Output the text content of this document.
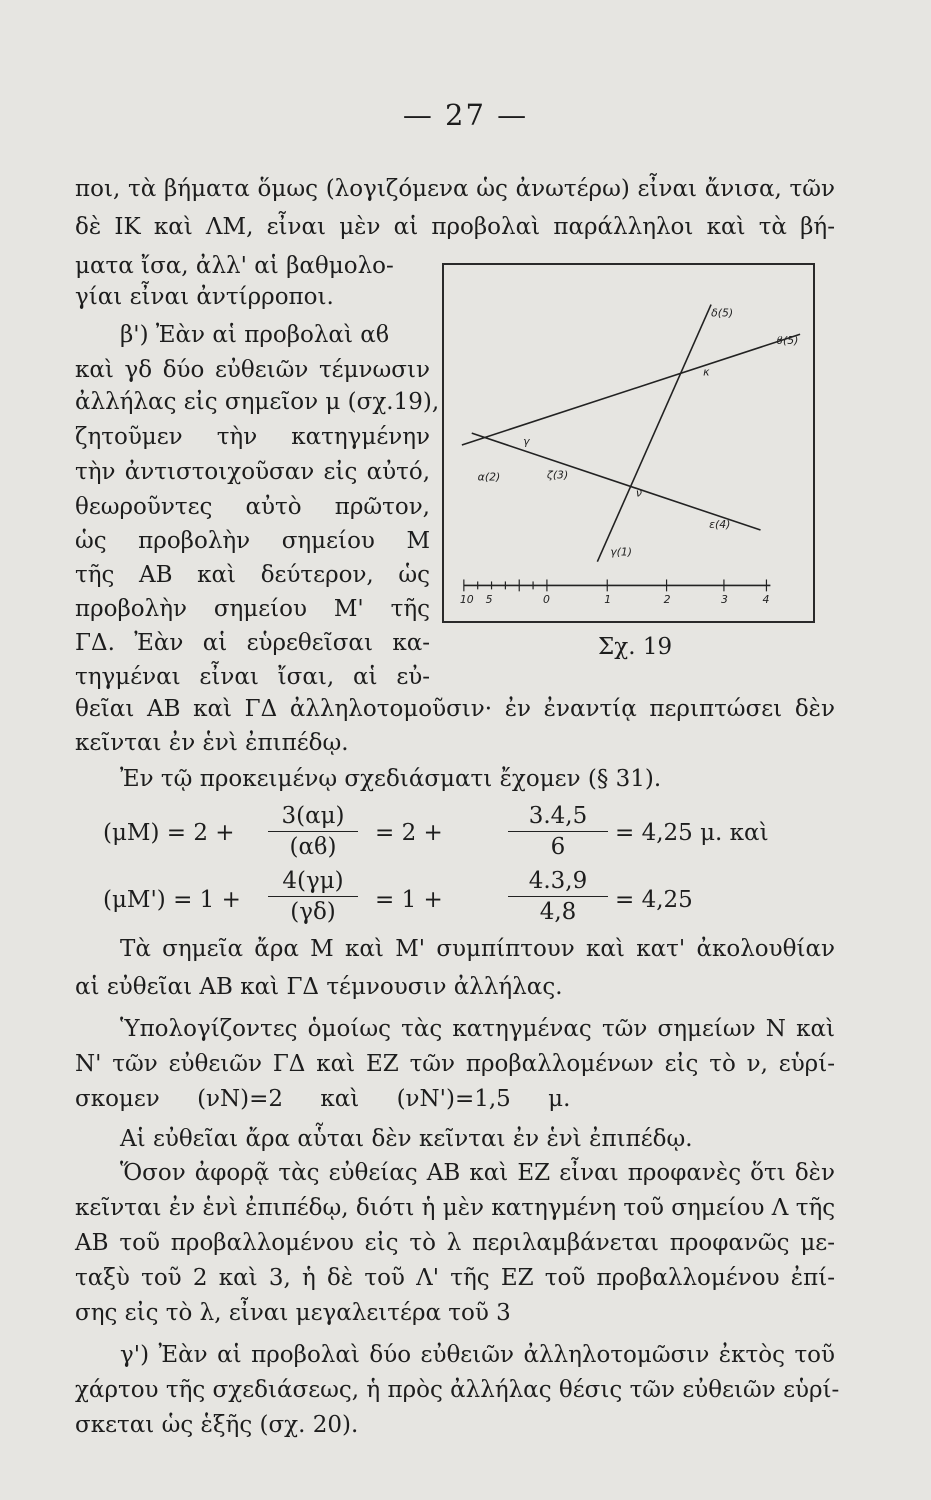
— 27 —
ποι, τὰ βήματα ὅμως (λογιζόμενα ὡς ἀνωτέρω) εἶναι ἄνισα, τῶν
δὲ ΙΚ καὶ ΛΜ, εἶναι μὲν αἱ προβολαὶ παράλληλοι καὶ τὰ βή-
ματα ἴσα, ἀλλ' αἱ βαθμολο-
γίαι εἶναι ἀντίρροποι.
β') Ἐὰν αἱ προβολαὶ αϐ
καὶ γδ δύο εὐθειῶν τέμνωσιν
ἀλλήλας εἰς σημεῖον μ (σχ.19),
ζητοῦμεν τὴν κατηγμένην
τὴν ἀντιστοιχοῦσαν εἰς αὐτό,
θεωροῦντες αὐτὸ πρῶτον,
ὡς προβολὴν σημείου Μ
τῆς ΑΒ καὶ δεύτερον, ὡς
προβολὴν σημείου Μ' τῆς
ΓΔ. Ἐὰν αἱ εὑρεθεῖσαι κα-
τηγμέναι εἶναι ἴσαι, αἱ εὐ-
θεῖαι ΑΒ καὶ ΓΔ ἀλληλοτομοῦσιν· ἐν ἐναντίᾳ περιπτώσει δὲν
κεῖνται ἐν ἑνὶ ἐπιπέδῳ.
Ἐν τῷ προκειμένῳ σχεδιάσματι ἔχομεν (§ 31).
10 5	0	1	2	3	4
δ(5)
ϐ(5)
κ
γ
α(2)	ζ(3)
ν
ε(4)
γ(1)
Σχ. 19
$(\mu M) = 2 + \frac{3(\alpha\mu)}{(\alpha ϐ)} = 2$ +	$\frac{3.4,5}{6} = 4,25$ μ. καὶ
$(\mu M') = 1 + \frac{4(\gamma\mu)}{(\gamma\delta)} = 1$ +	$\frac{4.3,9}{4,8} = 4,25$
Τὰ σημεῖα ἄρα Μ καὶ Μ' συμπίπτουν καὶ κατ' ἀκολουθίαν
αἱ εὐθεῖαι ΑΒ καὶ ΓΔ τέμνουσιν ἀλλήλας.
Ὑπολογίζοντες ὁμοίως τὰς κατηγμένας τῶν σημείων Ν καὶ
Ν' τῶν εὐθειῶν ΓΔ καὶ ΕΖ τῶν προβαλλομένων εἰς τὸ ν, εὑρί-
σκομεν (νΝ)=2 καὶ (νΝ')=1,5 μ.
Αἱ εὐθεῖαι ἄρα αὗται δὲν κεῖνται ἐν ἑνὶ ἐπιπέδῳ.
Ὅσον ἀφορᾷ τὰς εὐθείας ΑΒ καὶ ΕΖ εἶναι προφανὲς ὅτι δὲν
κεῖνται ἐν ἑνὶ ἐπιπέδῳ, διότι ἡ μὲν κατηγμένη τοῦ σημείου Λ τῆς
ΑΒ τοῦ προβαλλομένου εἰς τὸ λ περιλαμβάνεται προφανῶς με-
ταξὺ τοῦ 2 καὶ 3, ἡ δὲ τοῦ Λ' τῆς ΕΖ τοῦ προβαλλομένου ἐπί-
σης εἰς τὸ λ, εἶναι μεγαλειτέρα τοῦ 3
γ') Ἐὰν αἱ προβολαὶ δύο εὐθειῶν ἀλληλοτομῶσιν ἐκτὸς τοῦ
χάρτου τῆς σχεδιάσεως, ἡ πρὸς ἀλλήλας θέσις τῶν εὐθειῶν εὑρί-
σκεται ὡς ἑξῆς (σχ. 20).
